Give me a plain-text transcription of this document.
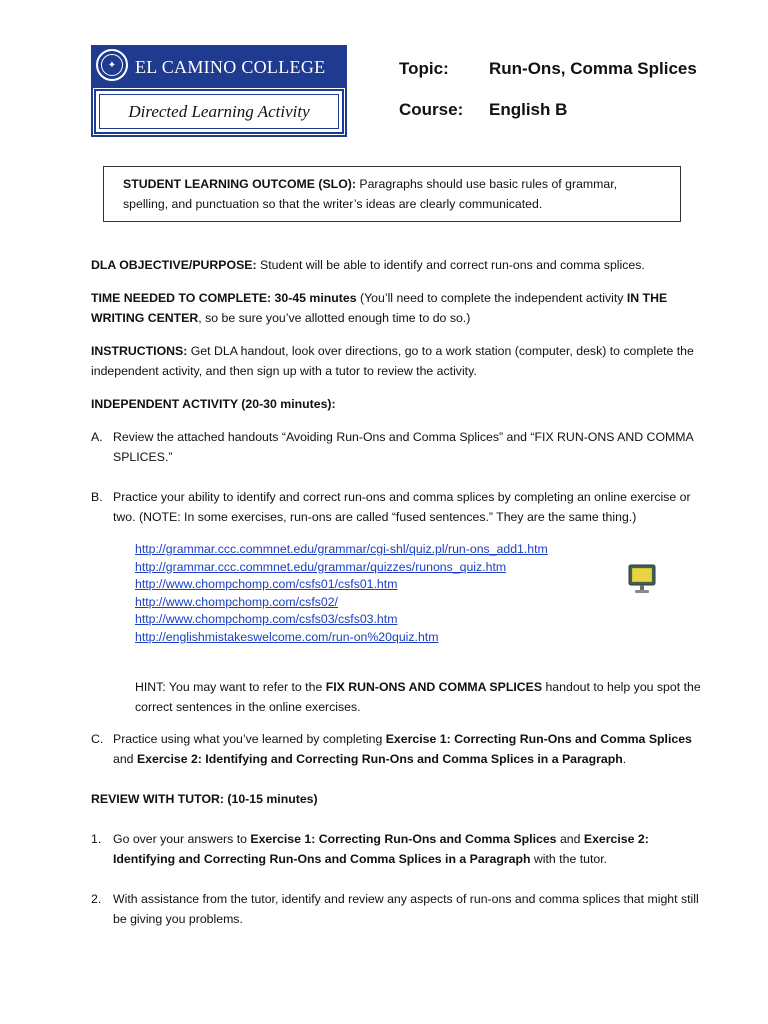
✦ EL CAMINO COLLEGE
Directed Learning Activity
Topic: Run-Ons, Comma Splices
Course: English B
STUDENT LEARNING OUTCOME (SLO): Paragraphs should use basic rules of grammar, spelling, and punctuation so that the writer’s ideas are clearly communicated.
DLA OBJECTIVE/PURPOSE: Student will be able to identify and correct run-ons and comma splices.
TIME NEEDED TO COMPLETE: 30-45 minutes (You’ll need to complete the independent activity IN THE WRITING CENTER, so be sure you’ve allotted enough time to do so.)
INSTRUCTIONS: Get DLA handout, look over directions, go to a work station (computer, desk) to complete the independent activity, and then sign up with a tutor to review the activity.
INDEPENDENT ACTIVITY (20-30 minutes):
A. Review the attached handouts “Avoiding Run-Ons and Comma Splices” and “FIX RUN-ONS AND COMMA SPLICES.”
B. Practice your ability to identify and correct run-ons and comma splices by completing an online exercise or two. (NOTE: In some exercises, run-ons are called “fused sentences.” They are the same thing.)
http://grammar.ccc.commnet.edu/grammar/cgi-shl/quiz.pl/run-ons_add1.htm
http://grammar.ccc.commnet.edu/grammar/quizzes/runons_quiz.htm
http://www.chompchomp.com/csfs01/csfs01.htm
http://www.chompchomp.com/csfs02/
http://www.chompchomp.com/csfs03/csfs03.htm
http://englishmistakeswelcome.com/run-on%20quiz.htm
HINT: You may want to refer to the FIX RUN-ONS AND COMMA SPLICES handout to help you spot the correct sentences in the online exercises.
C. Practice using what you’ve learned by completing Exercise 1: Correcting Run-Ons and Comma Splices and Exercise 2: Identifying and Correcting Run-Ons and Comma Splices in a Paragraph.
REVIEW WITH TUTOR: (10-15 minutes)
1. Go over your answers to Exercise 1: Correcting Run-Ons and Comma Splices and Exercise 2: Identifying and Correcting Run-Ons and Comma Splices in a Paragraph with the tutor.
2. With assistance from the tutor, identify and review any aspects of run-ons and comma splices that might still be giving you problems.
